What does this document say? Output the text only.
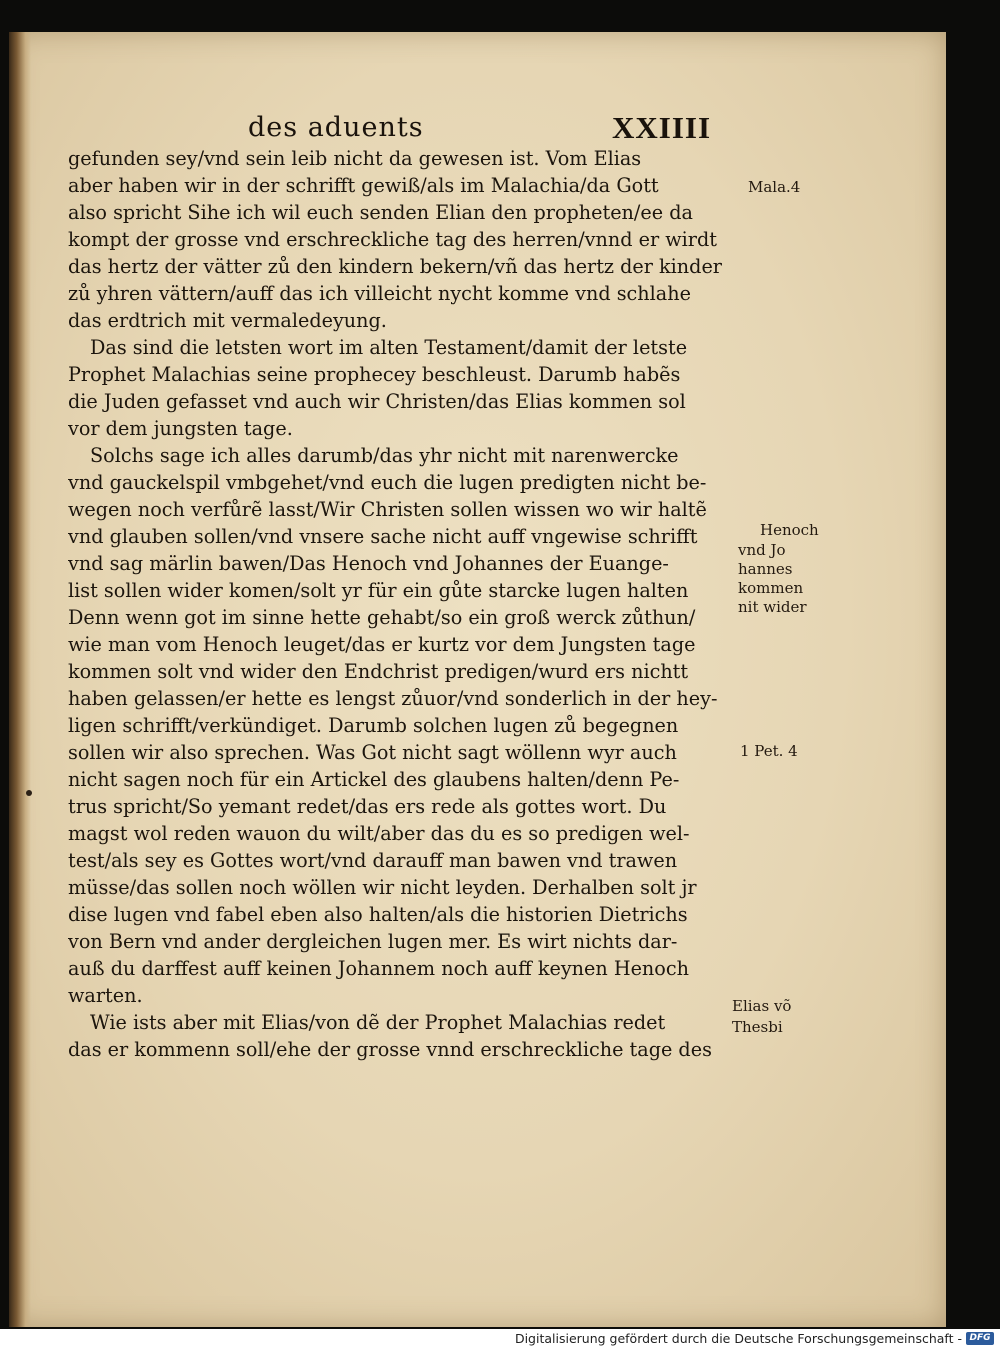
des aduents	XXIIII
gefunden sey/vnd sein leib nicht da gewesen ist. Vom Elias
aber haben wir in der schrifft gewiß/als im Malachia/da Gott
also spricht Sihe ich wil euch senden Elian den propheten/ee da
kompt der grosse vnd erschreckliche tag des herren/vnnd er wirdt
das hertz der vätter zů den kindern bekern/vñ das hertz der kinder
zů yhren vättern/auff das ich villeicht nycht komme vnd schlahe
das erdtrich mit vermaledeyung.
Das sind die letsten wort im alten Testament/damit der letste
Prophet Malachias seine prophecey beschleust. Darumb habẽs
die Juden gefasset vnd auch wir Christen/das Elias kommen sol
vor dem jungsten tage.
Solchs sage ich alles darumb/das yhr nicht mit narenwercke
vnd gauckelspil vmbgehet/vnd euch die lugen predigten nicht be-
wegen noch verfůrẽ lasst/Wir Christen sollen wissen wo wir haltẽ
vnd glauben sollen/vnd vnsere sache nicht auff vngewise schrifft
vnd sag märlin bawen/Das Henoch vnd Johannes der Euange-
list sollen wider komen/solt yr für ein gůte starcke lugen halten
Denn wenn got im sinne hette gehabt/so ein groß werck zůthun/
wie man vom Henoch leuget/das er kurtz vor dem Jungsten tage
kommen solt vnd wider den Endchrist predigen/wurd ers nichtt
haben gelassen/er hette es lengst zůuor/vnd sonderlich in der hey-
ligen schrifft/verkündiget. Darumb solchen lugen zů begegnen
sollen wir also sprechen. Was Got nicht sagt wöllenn wyr auch
nicht sagen noch für ein Artickel des glaubens halten/denn Pe-
trus spricht/So yemant redet/das ers rede als gottes wort. Du
magst wol reden wauon du wilt/aber das du es so predigen wel-
test/als sey es Gottes wort/vnd darauff man bawen vnd trawen
müsse/das sollen noch wöllen wir nicht leyden. Derhalben solt jr
dise lugen vnd fabel eben also halten/als die historien Dietrichs
von Bern vnd ander dergleichen lugen mer. Es wirt nichts dar-
auß du darffest auff keinen Johannem noch auff keynen Henoch
warten.
Wie ists aber mit Elias/von dẽ der Prophet Malachias redet
das er kommenn soll/ehe der grosse vnnd erschreckliche tage des
Mala.4
Henoch
vnd Jo
hannes
kommen
nit wider
1 Pet. 4
Elias võ
Thesbi
Digitalisierung gefördert durch die Deutsche Forschungsgemeinschaft - DFG
